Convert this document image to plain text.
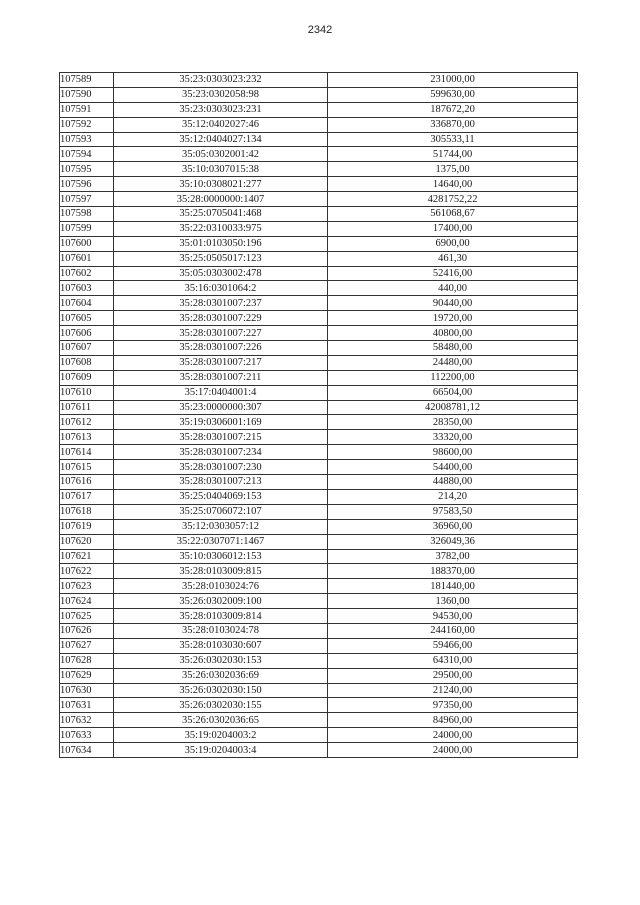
2342
107589	35:23:0303023:232	231000,00
107590	35:23:0302058:98	599630,00
107591	35:23:0303023:231	187672,20
107592	35:12:0402027:46	336870,00
107593	35:12:0404027:134	305533,11
107594	35:05:0302001:42	51744,00
107595	35:10:0307015:38	1375,00
107596	35:10:0308021:277	14640,00
107597	35:28:0000000:1407	4281752,22
107598	35:25:0705041:468	561068,67
107599	35:22:0310033:975	17400,00
107600	35:01:0103050:196	6900,00
107601	35:25:0505017:123	461,30
107602	35:05:0303002:478	52416,00
107603	35:16:0301064:2	440,00
107604	35:28:0301007:237	90440,00
107605	35:28:0301007:229	19720,00
107606	35:28:0301007:227	40800,00
107607	35:28:0301007:226	58480,00
107608	35:28:0301007:217	24480,00
107609	35:28:0301007:211	112200,00
107610	35:17:0404001:4	66504,00
107611	35:23:0000000:307	42008781,12
107612	35:19:0306001:169	28350,00
107613	35:28:0301007:215	33320,00
107614	35:28:0301007:234	98600,00
107615	35:28:0301007:230	54400,00
107616	35:28:0301007:213	44880,00
107617	35:25:0404069:153	214,20
107618	35:25:0706072:107	97583,50
107619	35:12:0303057:12	36960,00
107620	35:22:0307071:1467	326049,36
107621	35:10:0306012:153	3782,00
107622	35:28:0103009:815	188370,00
107623	35:28:0103024:76	181440,00
107624	35:26:0302009:100	1360,00
107625	35:28:0103009:814	94530,00
107626	35:28:0103024:78	244160,00
107627	35:28:0103030:607	59466,00
107628	35:26:0302030:153	64310,00
107629	35:26:0302036:69	29500,00
107630	35:26:0302030:150	21240,00
107631	35:26:0302030:155	97350,00
107632	35:26:0302036:65	84960,00
107633	35:19:0204003:2	24000,00
107634	35:19:0204003:4	24000,00
